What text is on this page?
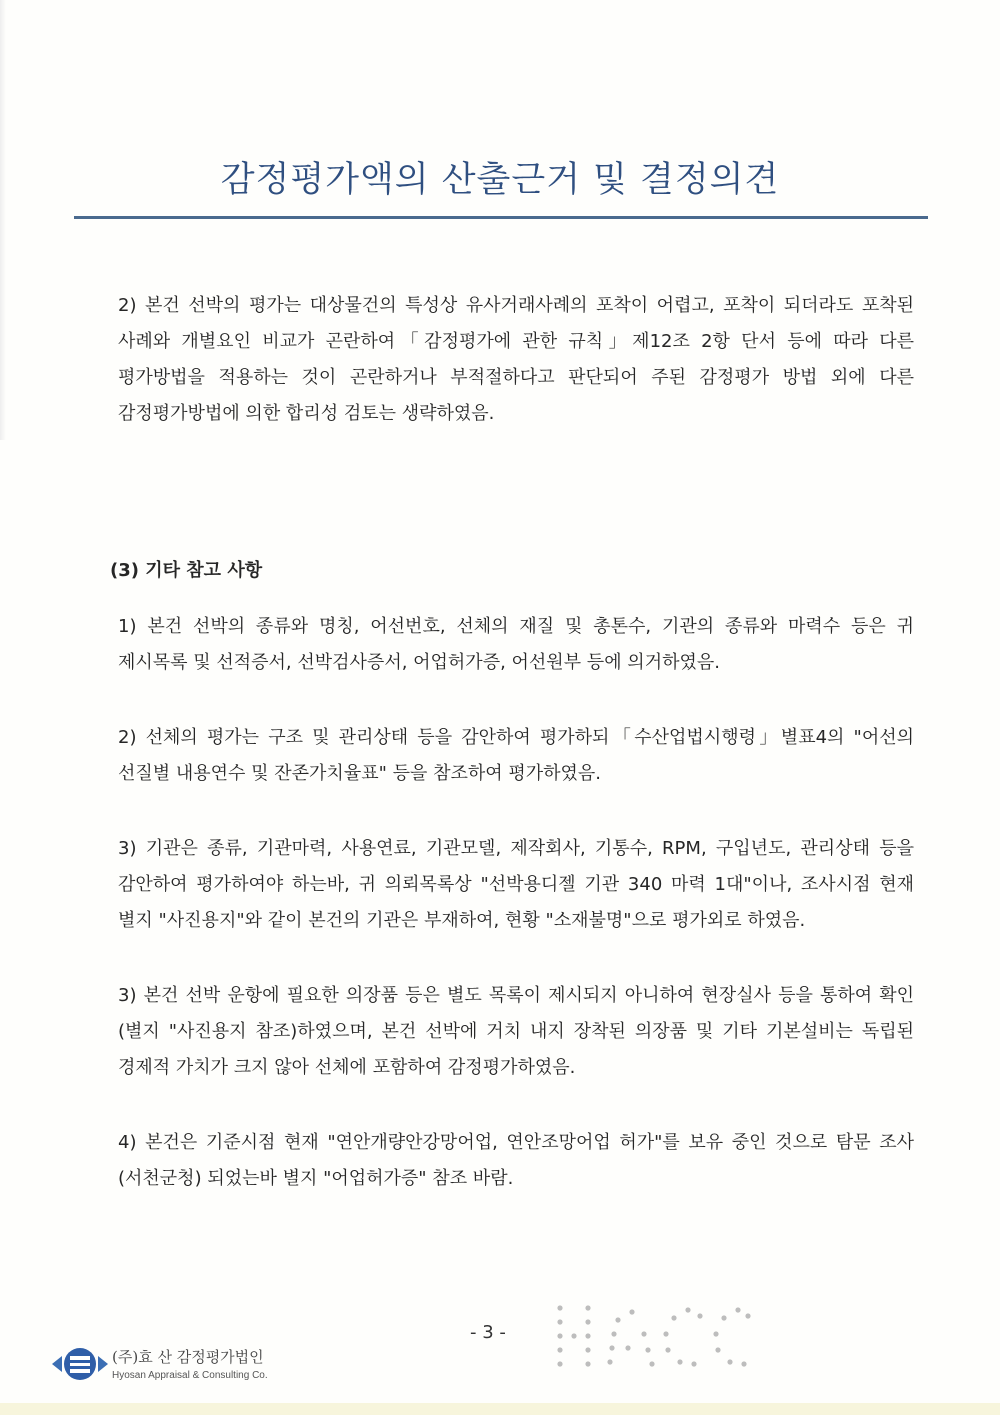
감정평가액의 산출근거 및 결정의견
2) 본건 선박의 평가는 대상물건의 특성상 유사거래사례의 포착이 어렵고, 포착이 되더라도 포착된 사례와 개별요인 비교가 곤란하여「감정평가에 관한 규칙」제12조 2항 단서 등에 따라 다른 평가방법을 적용하는 것이 곤란하거나 부적절하다고 판단되어 주된 감정평가 방법 외에 다른 감정평가방법에 의한 합리성 검토는 생략하였음.
(3) 기타 참고 사항
1) 본건 선박의 종류와 명칭, 어선번호, 선체의 재질 및 총톤수, 기관의 종류와 마력수 등은 귀 제시목록 및 선적증서, 선박검사증서, 어업허가증, 어선원부 등에 의거하였음.
2) 선체의 평가는 구조 및 관리상태 등을 감안하여 평가하되「수산업법시행령」별표4의 "어선의 선질별 내용연수 및 잔존가치율표" 등을 참조하여 평가하였음.
3) 기관은 종류, 기관마력, 사용연료, 기관모델, 제작회사, 기통수, RPM, 구입년도, 관리상태 등을 감안하여 평가하여야 하는바, 귀 의뢰목록상 "선박용디젤 기관 340 마력 1대"이나, 조사시점 현재 별지 "사진용지"와 같이 본건의 기관은 부재하여, 현황 "소재불명"으로 평가외로 하였음.
3) 본건 선박 운항에 필요한 의장품 등은 별도 목록이 제시되지 아니하여 현장실사 등을 통하여 확인(별지 "사진용지 참조)하였으며, 본건 선박에 거치 내지 장착된 의장품 및 기타 기본설비는 독립된 경제적 가치가 크지 않아 선체에 포함하여 감정평가하였음.
4) 본건은 기준시점 현재 "연안개량안강망어업, 연안조망어업 허가"를 보유 중인 것으로 탐문 조사(서천군청) 되었는바 별지 "어업허가증" 참조 바람.
- 3 -
(주)효 산 감정평가법인
Hyosan Appraisal & Consulting Co.
